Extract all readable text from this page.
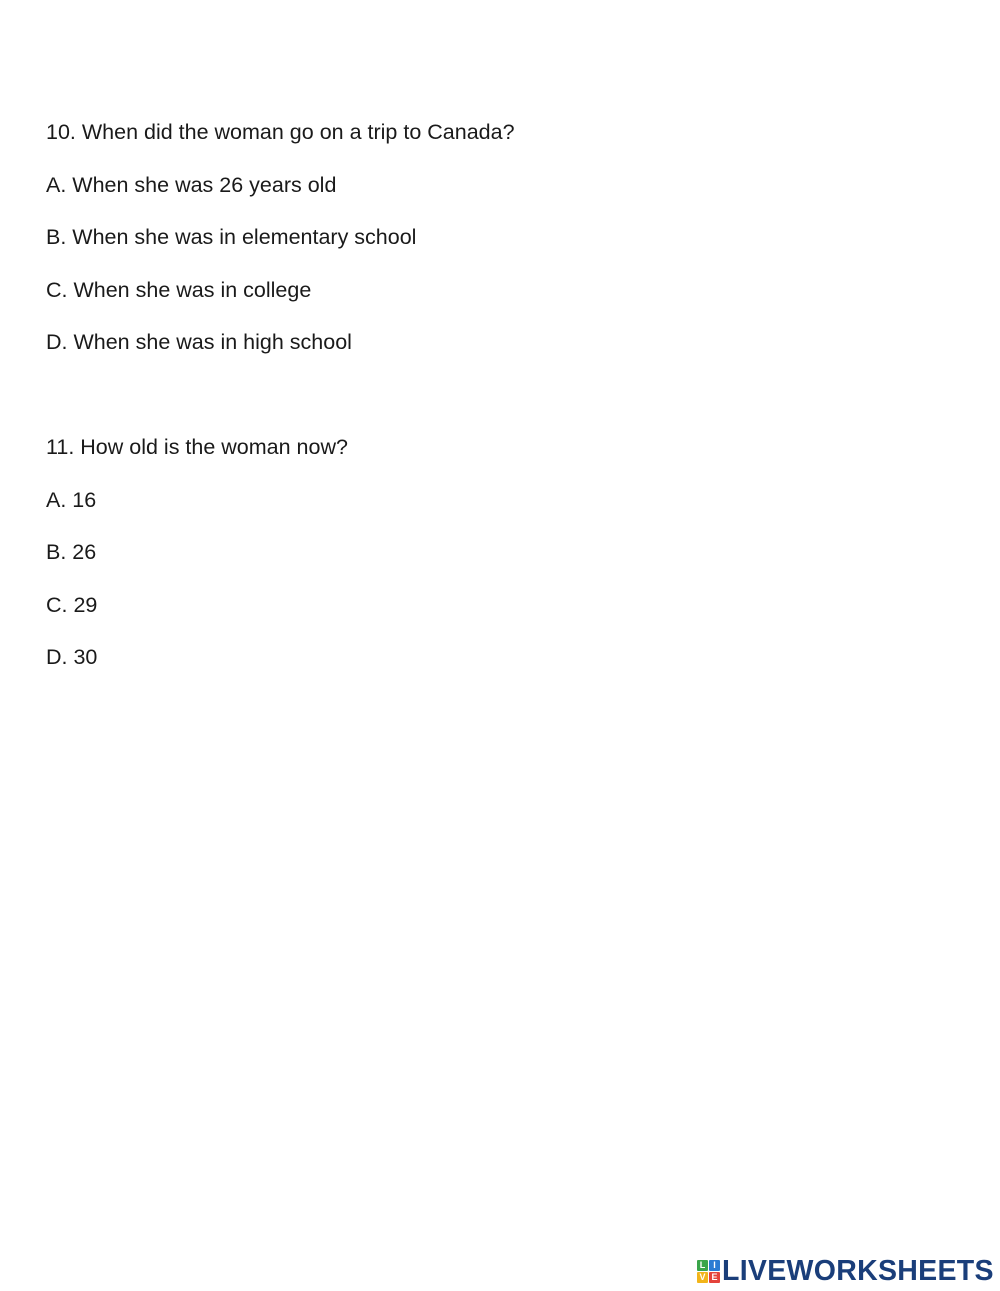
10. When did the woman go on a trip to Canada?
A. When she was 26 years old
B. When she was in elementary school
C. When she was in college
D. When she was in high school
11. How old is the woman now?
A. 16
B. 26
C. 29
D. 30
L I
V E LIVEWORKSHEETS
